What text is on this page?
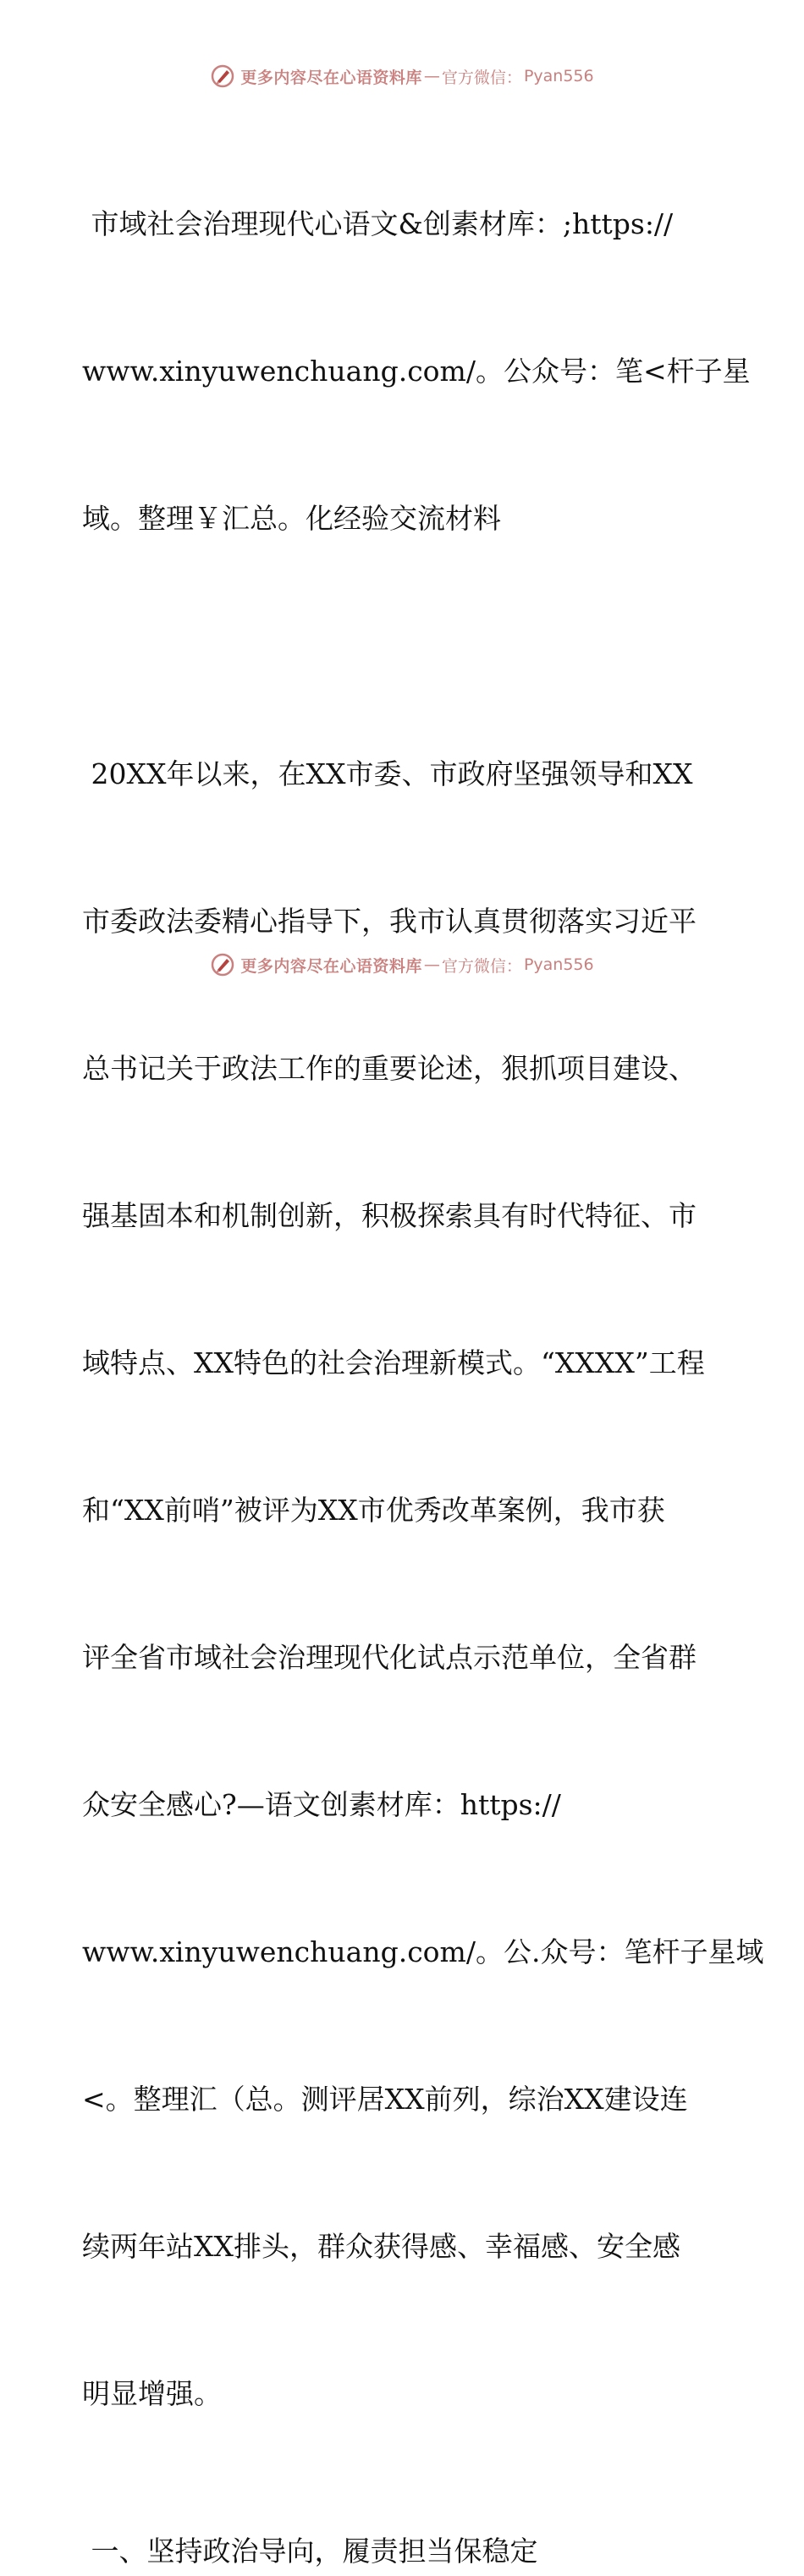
更多内容尽在心语资料库 — 官方微信： Pyan556

市域社会治理现代心语文&创素材库：;https://

www.xinyuwenchuang.com/。公众号：笔<杆子星

域。整理￥汇总。化经验交流材料

20XX年以来，在XX市委、市政府坚强领导和XX

市委政法委精心指导下，我市认真贯彻落实习近平

总书记关于政法工作的重要论述，狠抓项目建设、

强基固本和机制创新，积极探索具有时代特征、市

域特点、XX特色的社会治理新模式。“XXXX”工程

和“XX前哨”被评为XX市优秀改革案例，我市获

评全省市域社会治理现代化试点示范单位，全省群

众安全感心?—语文创素材库：https://

www.xinyuwenchuang.com/。公.众号：笔杆子星域

<。整理汇（总。测评居XX前列，综治XX建设连

续两年站XX排头，群众获得感、幸福感、安全感

明显增强。

一、坚持政治导向，履责担当保稳定
更多内容尽在心语资料库 — 官方微信： Pyan556
